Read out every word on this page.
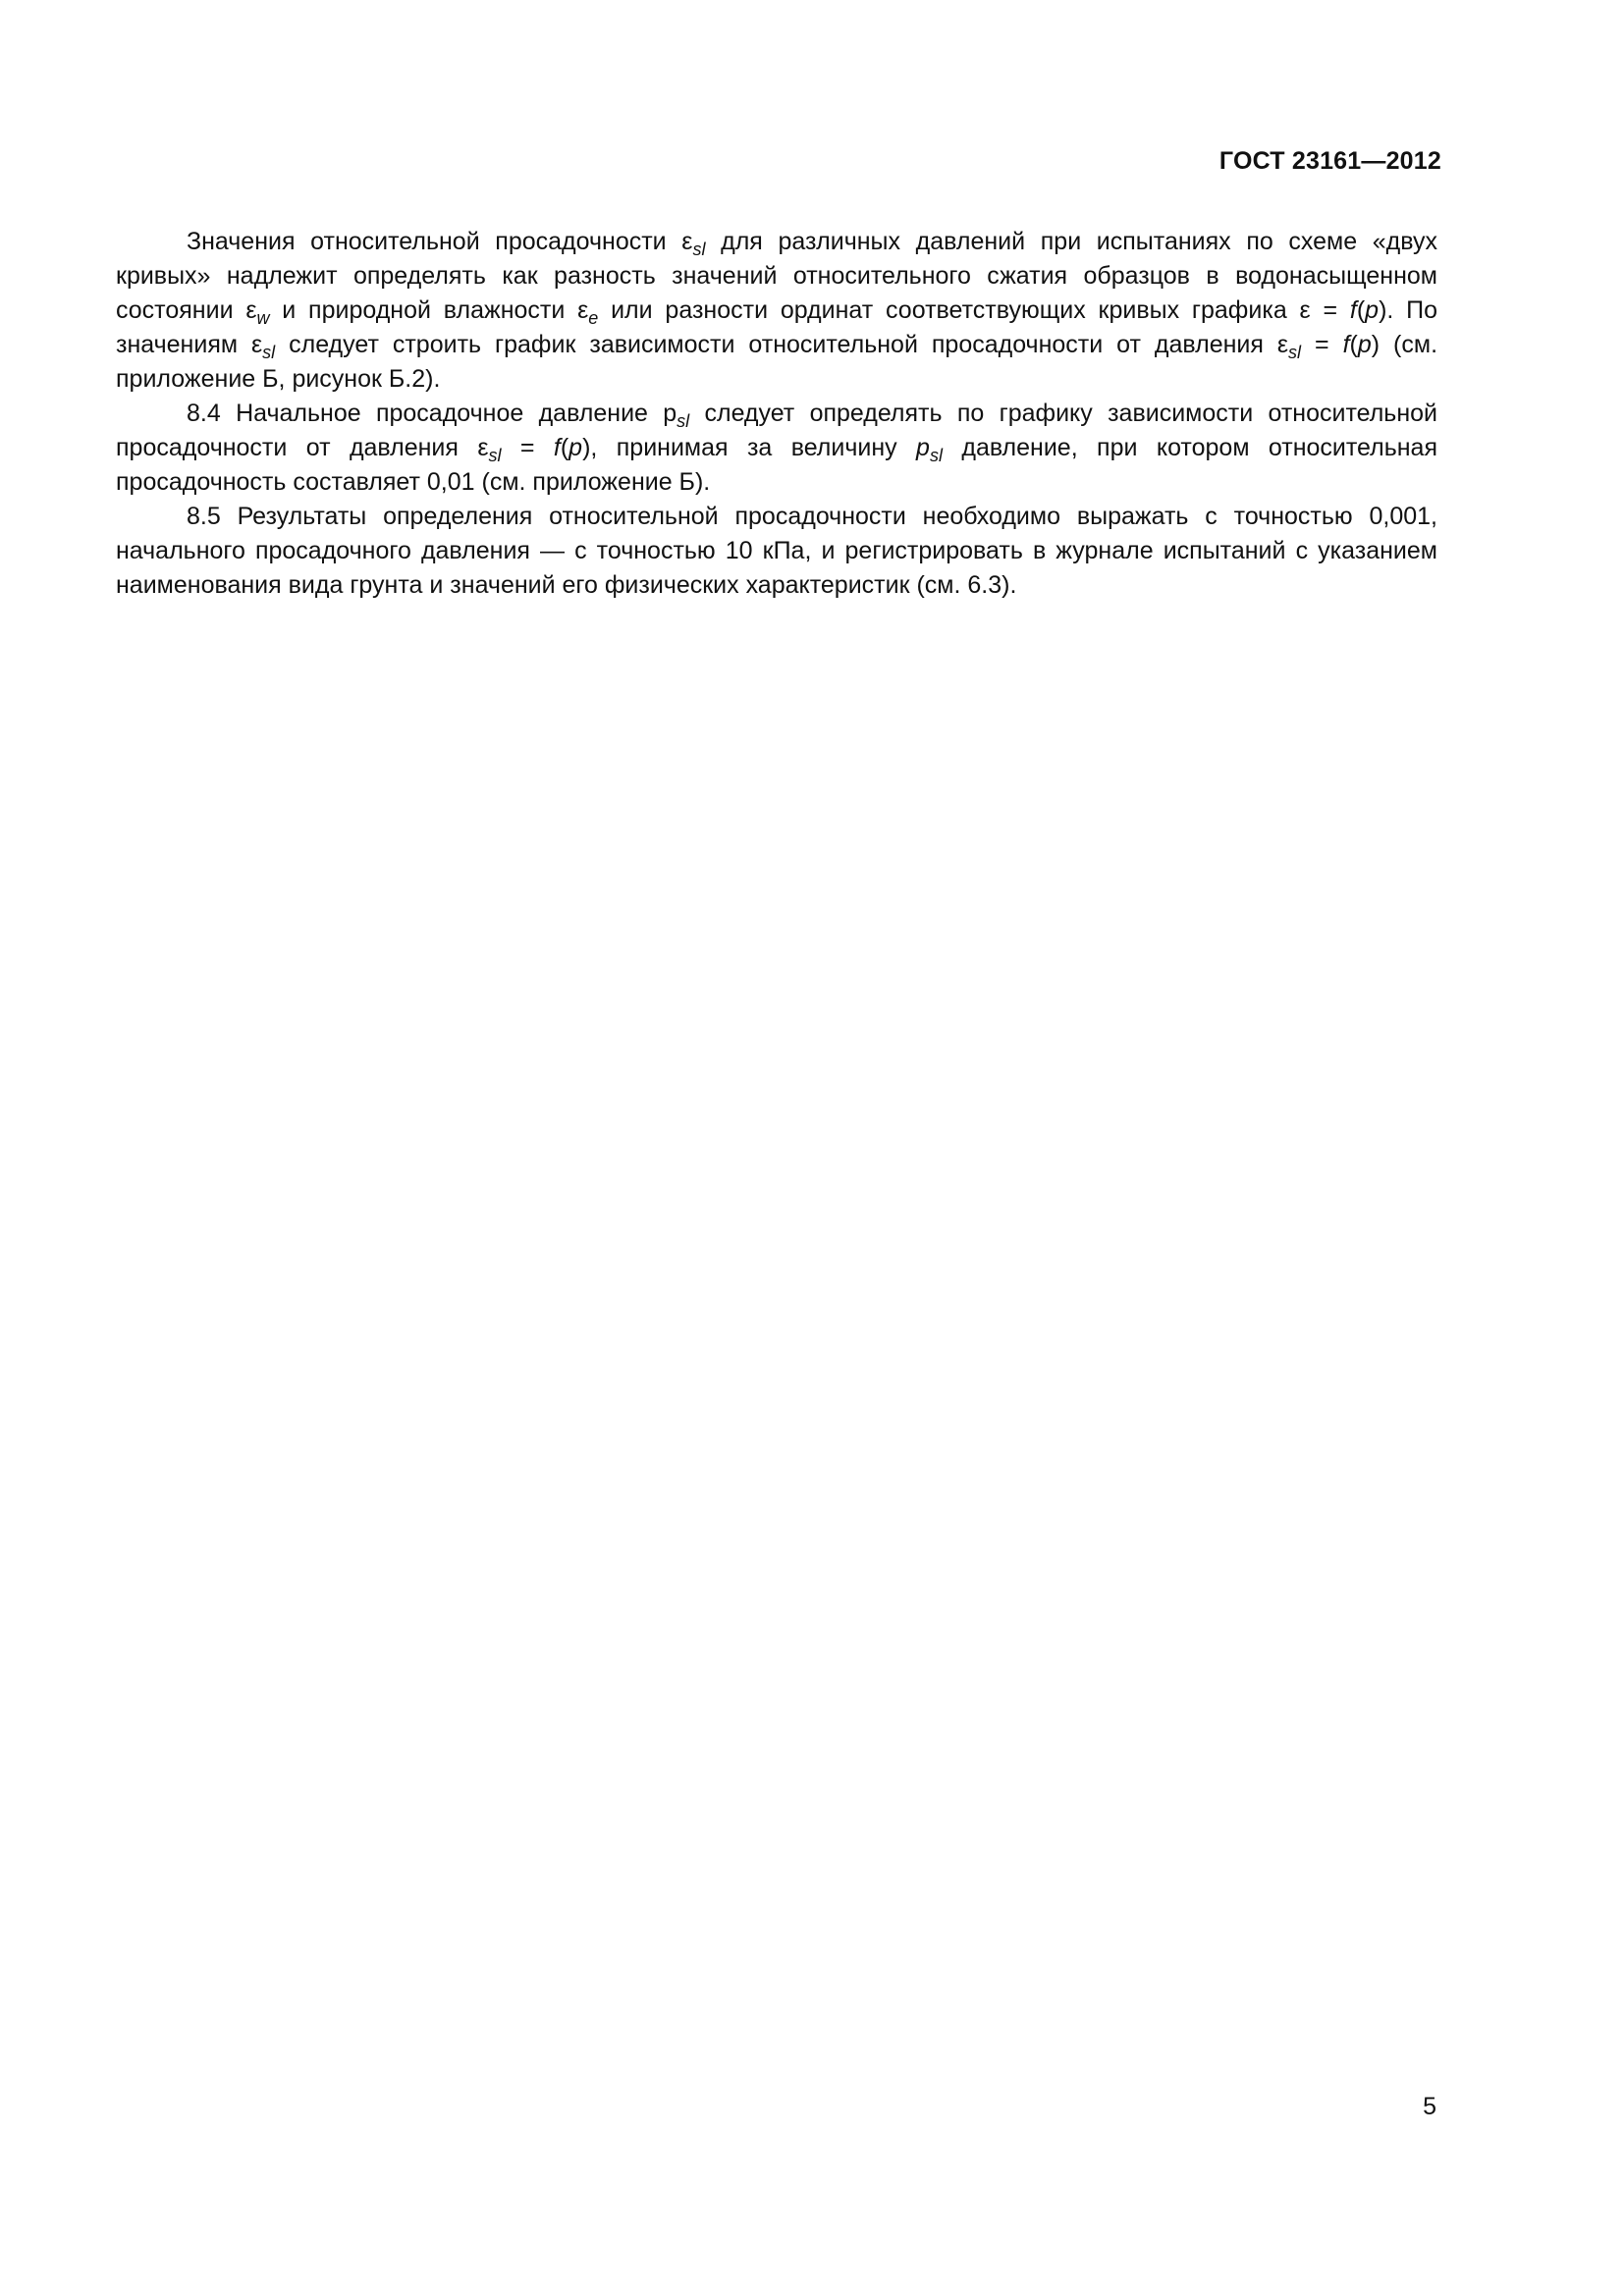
ГОСТ 23161—2012

Значения относительной просадочности $\varepsilon_{sl}$ для различных давлений при испытаниях по схеме «двух кривых» надлежит определять как разность значений относительного сжатия образцов в водонасыщенном состоянии $\varepsilon_w$ и природной влажности $\varepsilon_e$ или разности ординат соответствующих кривых графика ε = f(p). По значениям $\varepsilon_{sl}$ следует строить график зависимости относительной просадочности от давления $\varepsilon_{sl} = f(p)$ (см. приложение Б, рисунок Б.2).

8.4 Начальное просадочное давление $p_{sl}$ следует определять по графику зависимости относительной просадочности от давления $\varepsilon_{sl} = f(p)$, принимая за величину $p_{sl}$ давление, при котором относительная просадочность составляет 0,01 (см. приложение Б).

8.5 Результаты определения относительной просадочности необходимо выражать с точностью 0,001, начального просадочного давления — с точностью 10 кПа, и регистрировать в журнале испытаний с указанием наименования вида грунта и значений его физических характеристик (см. 6.3).

5
